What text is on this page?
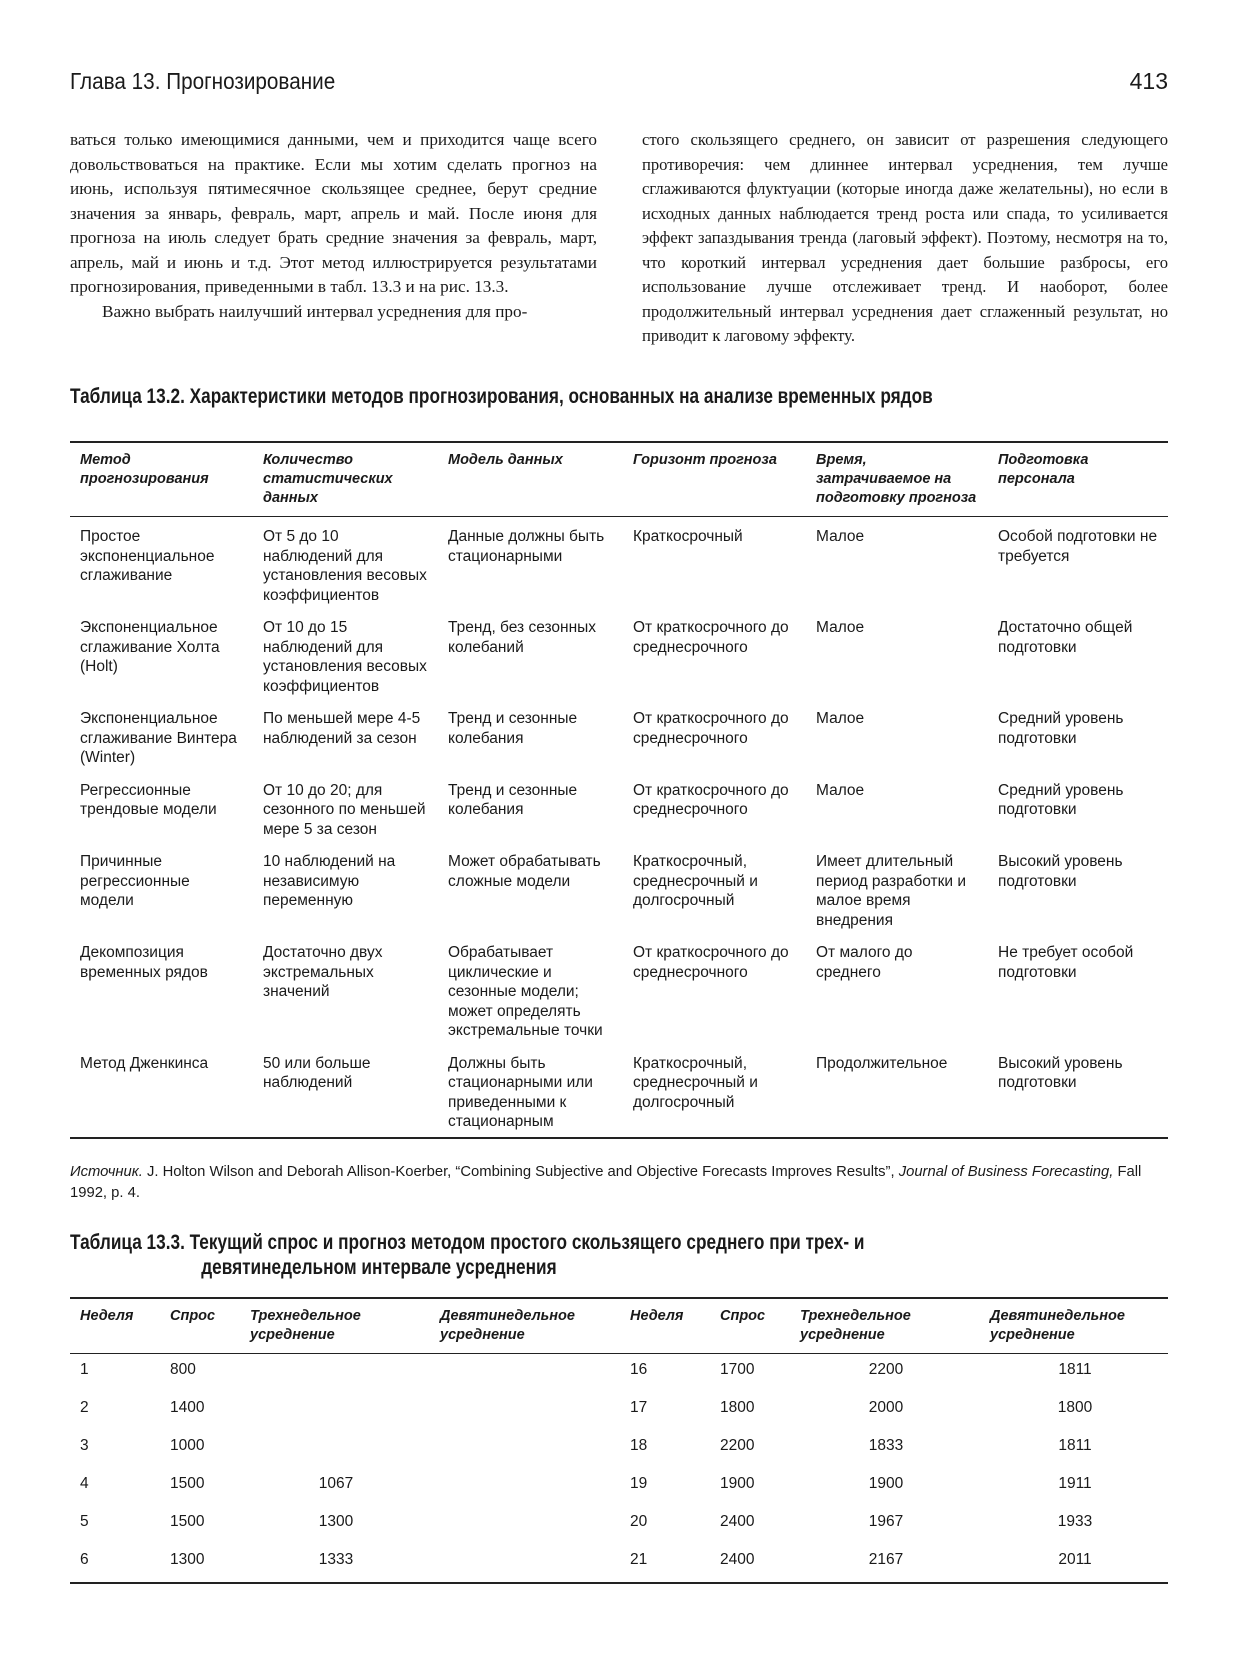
Глава 13. Прогнозирование	413

ваться только имеющимися данными, чем и приходится чаще всего довольствоваться на практике. Если мы хотим сделать прогноз на июнь, используя пятимесячное скользящее среднее, берут средние значения за январь, февраль, март, апрель и май. После июня для прогноза на июль следует брать средние значения за февраль, март, апрель, май и июнь и т.д. Этот метод иллюстрируется результатами прогнозирования, приведенными в табл. 13.3 и на рис. 13.3.

Важно выбрать наилучший интервал усреднения для про-

стого скользящего среднего, он зависит от разрешения следующего противоречия: чем длиннее интервал усреднения, тем лучше сглаживаются флуктуации (которые иногда даже желательны), но если в исходных данных наблюдается тренд роста или спада, то усиливается эффект запаздывания тренда (лаговый эффект). Поэтому, несмотря на то, что короткий интервал усреднения дает большие разбросы, его использование лучше отслеживает тренд. И наоборот, более продолжительный интервал усреднения дает сглаженный результат, но приводит к лаговому эффекту.

Таблица 13.2. Характеристики методов прогнозирования, основанных на анализе временных рядов
Метод прогнозирования	Количество статистических данных	Модель данных	Горизонт прогноза	Время, затрачиваемое на подготовку прогноза	Подготовка персонала
Простое экспоненциальное сглаживание	От 5 до 10 наблюдений для установления весовых коэффициентов	Данные должны быть стационарными	Краткосрочный	Малое	Особой подготовки не требуется
Экспоненциальное сглаживание Холта (Holt)	От 10 до 15 наблюдений для установления весовых коэффициентов	Тренд, без сезонных колебаний	От краткосрочного до среднесрочного	Малое	Достаточно общей подготовки
Экспоненциальное сглаживание Винтера (Winter)	По меньшей мере 4-5 наблюдений за сезон	Тренд и сезонные колебания	От краткосрочного до среднесрочного	Малое	Средний уровень подготовки
Регрессионные трендовые модели	От 10 до 20; для сезонного по меньшей мере 5 за сезон	Тренд и сезонные колебания	От краткосрочного до среднесрочного	Малое	Средний уровень подготовки
Причинные регрессионные модели	10 наблюдений на независимую переменную	Может обрабатывать сложные модели	Краткосрочный, среднесрочный и долгосрочный	Имеет длительный период разработки и малое время внедрения	Высокий уровень подготовки
Декомпозиция временных рядов	Достаточно двух экстремальных значений	Обрабатывает циклические и сезонные модели; может определять экстремальные точки	От краткосрочного до среднесрочного	От малого до среднего	Не требует особой подготовки
Метод Дженкинса	50 или больше наблюдений	Должны быть стационарными или приведенными к стационарным	Краткосрочный, среднесрочный и долгосрочный	Продолжительное	Высокий уровень подготовки
Источник. J. Holton Wilson and Deborah Allison-Koerber, “Combining Subjective and Objective Forecasts Improves Results”, Journal of Business Forecasting, Fall 1992, p. 4.
Таблица 13.3. Текущий спрос и прогноз методом простого скользящего среднего при трех- и
девятинедельном интервале усреднения
Неделя	Спрос	Трехнедельное усреднение	Девятинедельное усреднение	Неделя	Спрос	Трехнедельное усреднение	Девятинедельное усреднение
1	800			16	1700	2200	1811
2	1400			17	1800	2000	1800
3	1000			18	2200	1833	1811
4	1500	1067		19	1900	1900	1911
5	1500	1300		20	2400	1967	1933
6	1300	1333		21	2400	2167	2011
